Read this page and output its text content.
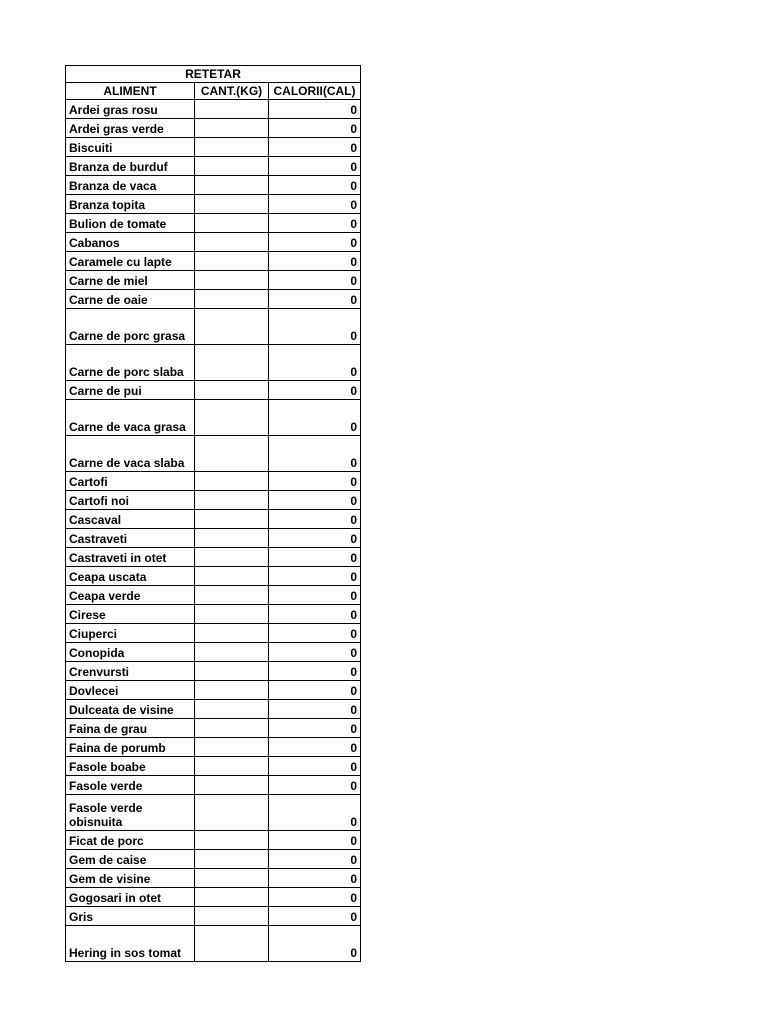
RETETAR		
ALIMENT	CANT.(KG)	CALORII(CAL)
Ardei gras rosu		0
Ardei gras verde		0
Biscuiti		0
Branza de burduf		0
Branza de vaca		0
Branza topita		0
Bulion de tomate		0
Cabanos		0
Caramele cu lapte		0
Carne de miel		0
Carne de oaie		0
Carne de porc grasa		0
Carne de porc slaba		0
Carne de pui		0
Carne de vaca grasa		0
Carne de vaca slaba		0
Cartofi		0
Cartofi noi		0
Cascaval		0
Castraveti		0
Castraveti in otet		0
Ceapa uscata		0
Ceapa verde		0
Cirese		0
Ciuperci		0
Conopida		0
Crenvursti		0
Dovlecei		0
Dulceata de visine		0
Faina de grau		0
Faina de porumb		0
Fasole boabe		0
Fasole verde		0
Fasole verde obisnuita		0
Ficat de porc		0
Gem de caise		0
Gem de visine		0
Gogosari in otet		0
Gris		0
Hering in sos tomat		0
